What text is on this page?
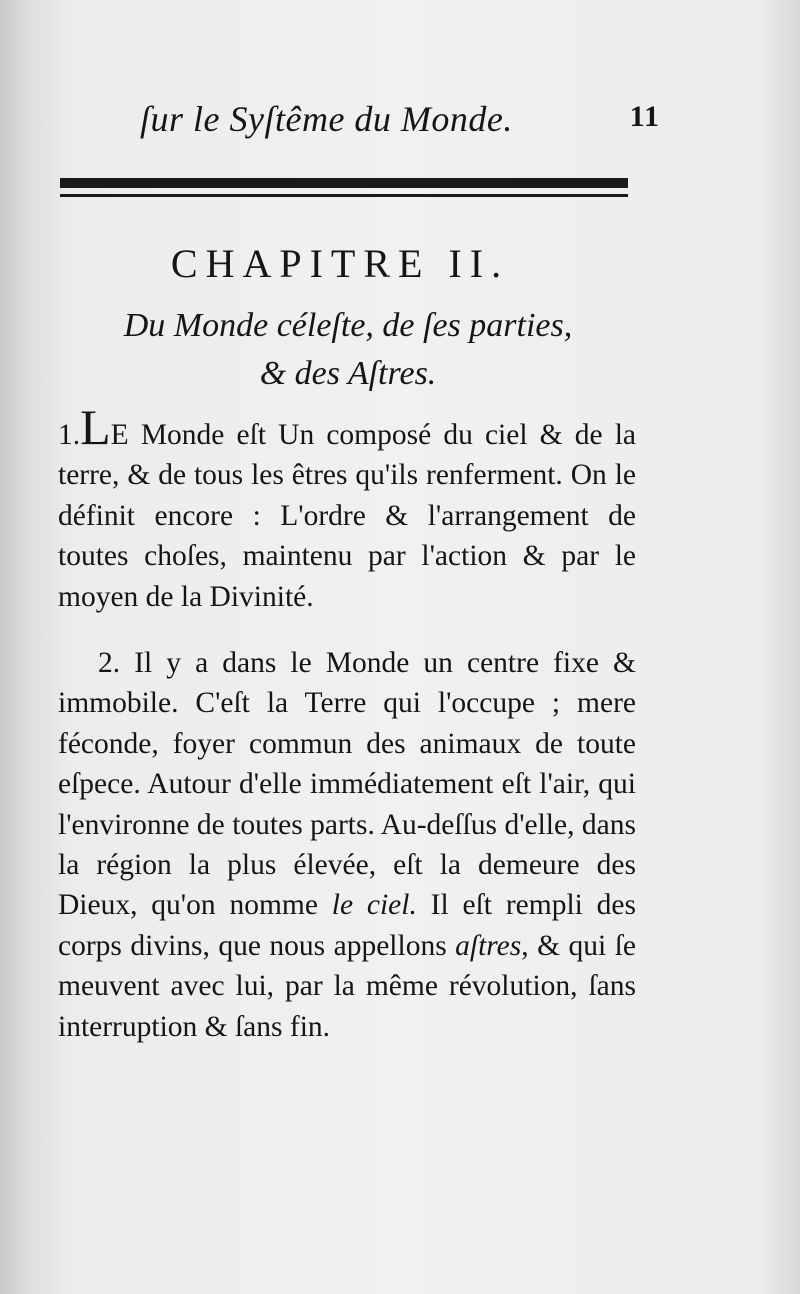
ſur le Syſtême du Monde.	11
CHAPITRE II.
Du Monde céleſte, de ſes parties,
& des Aſtres.

1.LE Monde eſt Un composé du ciel & de la terre, & de tous les êtres qu'ils renferment. On le définit encore : L'ordre & l'arrangement de toutes choſes, maintenu par l'action & par le moyen de la Divinité.

2. Il y a dans le Monde un centre fixe & immobile. C'eſt la Terre qui l'occupe ; mere féconde, foyer commun des animaux de toute eſpece. Autour d'elle immédiatement eſt l'air, qui l'environne de toutes parts. Au-deſſus d'elle, dans la région la plus élevée, eſt la demeure des Dieux, qu'on nomme le ciel. Il eſt rempli des corps divins, que nous appellons aſtres, & qui ſe meuvent avec lui, par la même révolution, ſans interruption & ſans fin.
